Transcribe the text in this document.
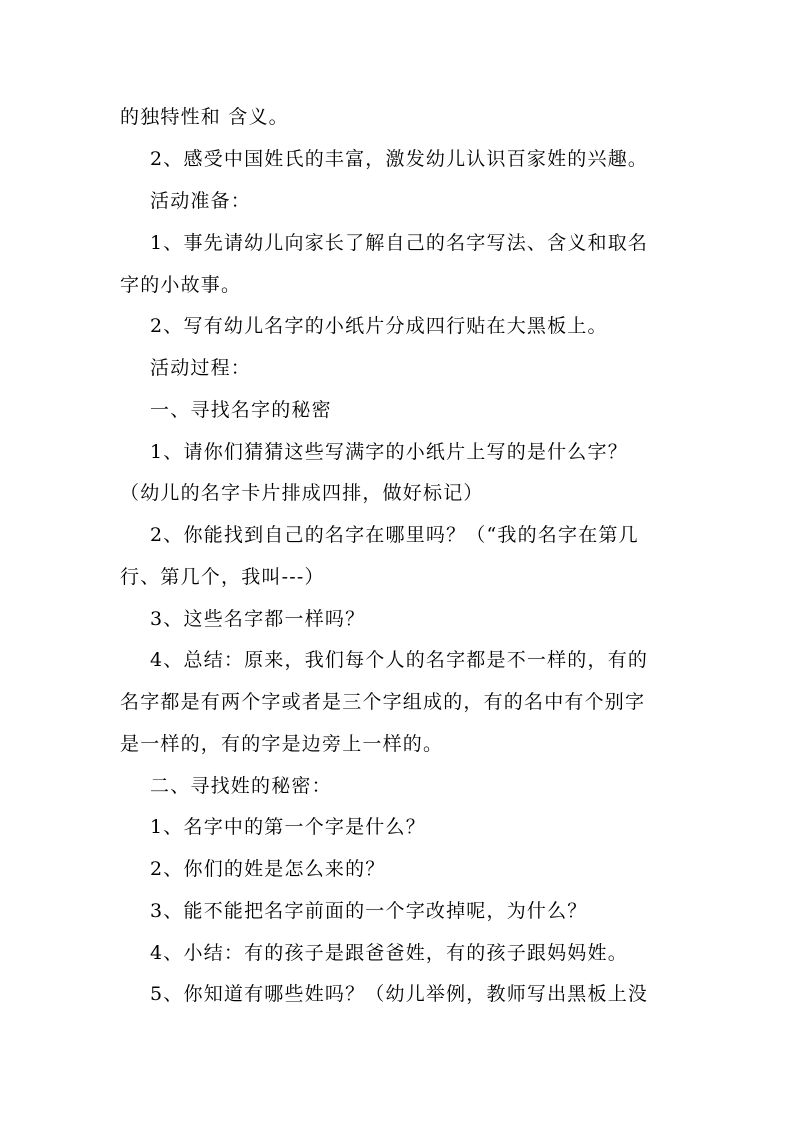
的独特性和 含义。
2、感受中国姓氏的丰富，激发幼儿认识百家姓的兴趣。
活动准备：
1、事先请幼儿向家长了解自己的名字写法、含义和取名
字的小故事。
2、写有幼儿名字的小纸片分成四行贴在大黑板上。
活动过程：
一、寻找名字的秘密
1、请你们猜猜这些写满字的小纸片上写的是什么字？
（幼儿的名字卡片排成四排，做好标记）
2、你能找到自己的名字在哪里吗？（“我的名字在第几
行、第几个，我叫---）
3、这些名字都一样吗？
4、总结：原来，我们每个人的名字都是不一样的，有的
名字都是有两个字或者是三个字组成的，有的名中有个别字
是一样的，有的字是边旁上一样的。
二、寻找姓的秘密：
1、名字中的第一个字是什么？
2、你们的姓是怎么来的？
3、能不能把名字前面的一个字改掉呢，为什么？
4、小结：有的孩子是跟爸爸姓，有的孩子跟妈妈姓。
5、你知道有哪些姓吗？（幼儿举例，教师写出黑板上没
